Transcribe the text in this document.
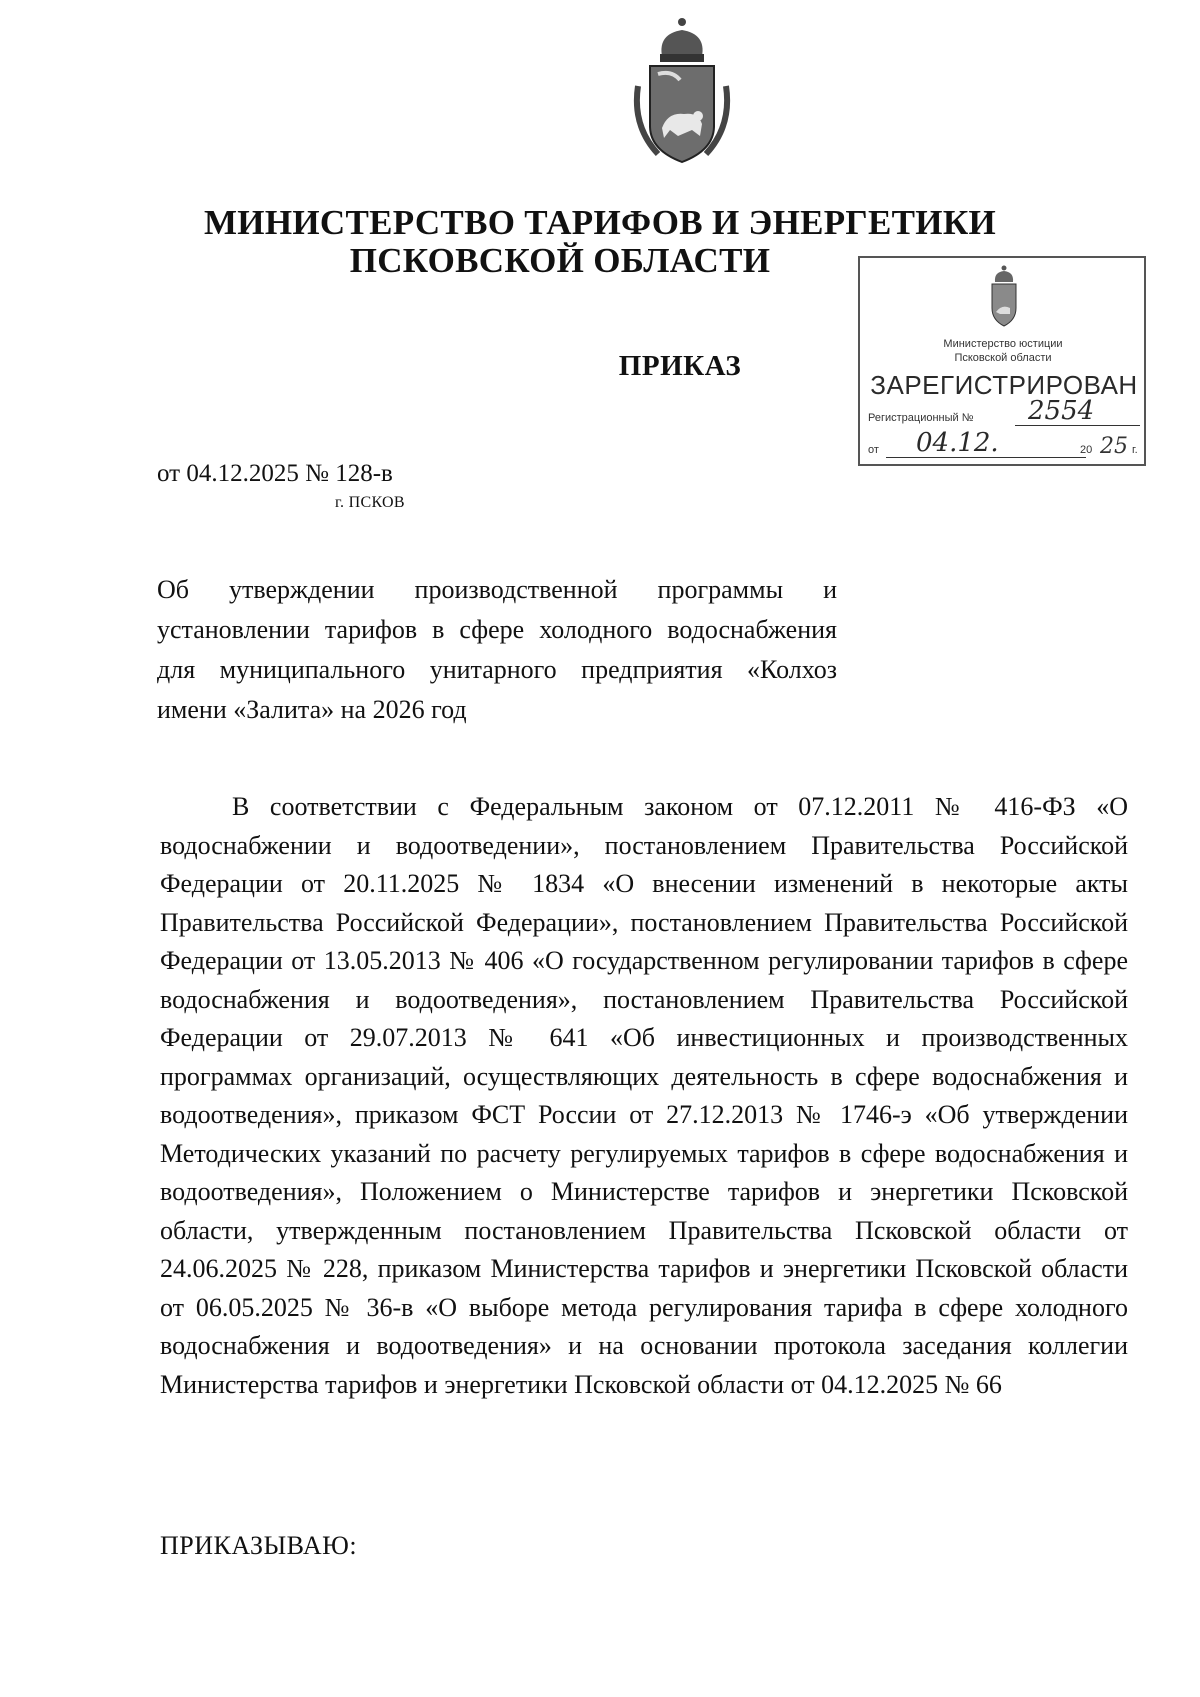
МИНИСТЕРСТВО ТАРИФОВ И ЭНЕРГЕТИКИ
ПСКОВСКОЙ ОБЛАСТИ
ПРИКАЗ
от 04.12.2025 № 128-в
г. ПСКОВ
Об утверждении производственной программы и установлении тарифов в сфере холодного водоснабжения для муниципального унитарного предприятия «Колхоз имени «Залита» на 2026 год
В соответствии с Федеральным законом от 07.12.2011 № 416-ФЗ «О водоснабжении и водоотведении», постановлением Правительства Российской Федерации от 20.11.2025 № 1834 «О внесении изменений в некоторые акты Правительства Российской Федерации», постановлением Правительства Российской Федерации от 13.05.2013 № 406 «О государственном регулировании тарифов в сфере водоснабжения и водоотведения», постановлением Правительства Российской Федерации от 29.07.2013 № 641 «Об инвестиционных и производственных программах организаций, осуществляющих деятельность в сфере водоснабжения и водоотведения», приказом ФСТ России от 27.12.2013 № 1746-э «Об утверждении Методических указаний по расчету регулируемых тарифов в сфере водоснабжения и водоотведения», Положением о Министерстве тарифов и энергетики Псковской области, утвержденным постановлением Правительства Псковской области от 24.06.2025 № 228, приказом Министерства тарифов и энергетики Псковской области от 06.05.2025 № 36-в «О выборе метода регулирования тарифа в сфере холодного водоснабжения и водоотведения» и на основании протокола заседания коллегии Министерства тарифов и энергетики Псковской области от 04.12.2025 № 66
ПРИКАЗЫВАЮ:
Министерство юстиции
Псковской области
ЗАРЕГИСТРИРОВАН
Регистрационный № 2554
от 04.12.	20 25 г.
